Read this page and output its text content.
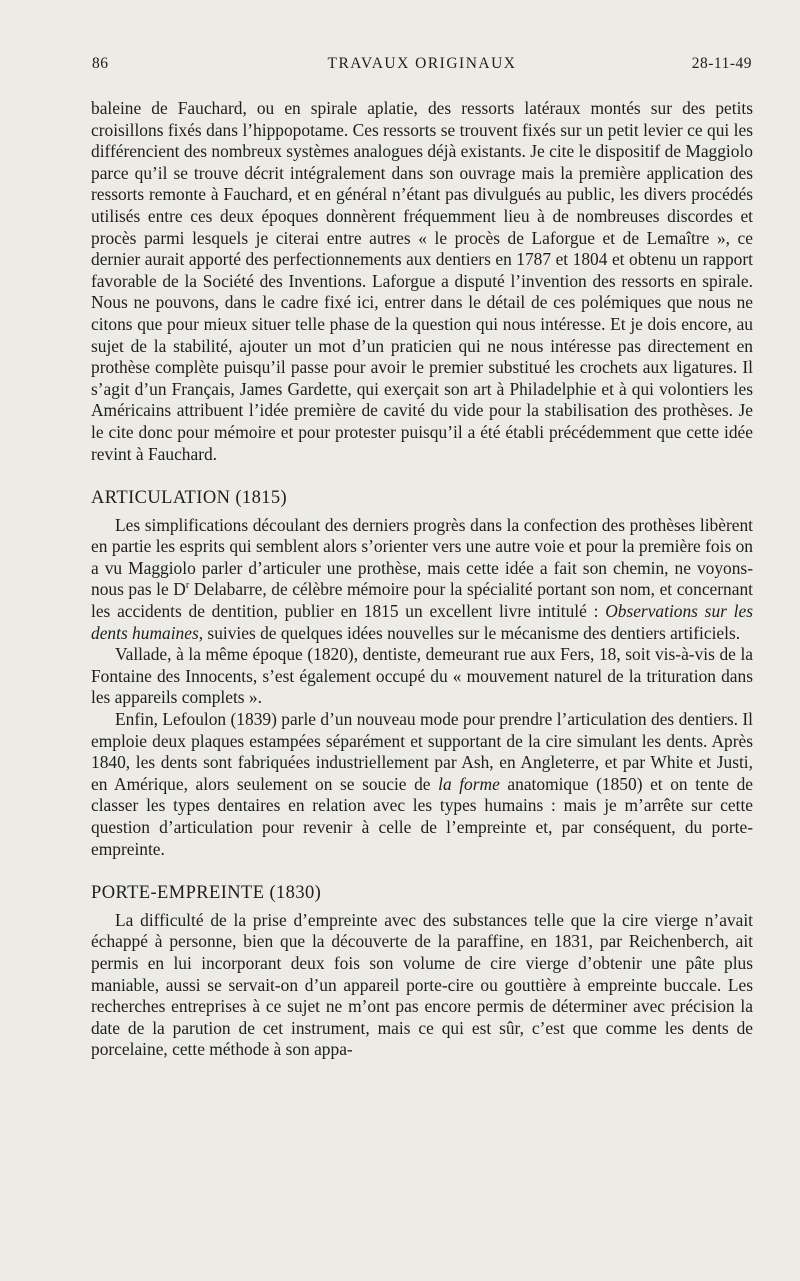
86	TRAVAUX ORIGINAUX	28-11-49

baleine de Fauchard, ou en spirale aplatie, des ressorts latéraux montés sur des petits croisillons fixés dans l’hippopotame. Ces ressorts se trouvent fixés sur un petit levier ce qui les différencient des nombreux systèmes analogues déjà existants. Je cite le dispositif de Maggiolo parce qu’il se trouve décrit intégralement dans son ouvrage mais la première application des ressorts remonte à Fauchard, et en général n’étant pas divulgués au public, les divers procédés utilisés entre ces deux époques donnèrent fréquemment lieu à de nombreuses discordes et procès parmi lesquels je citerai entre autres « le procès de Laforgue et de Lemaître », ce dernier aurait apporté des perfectionnements aux dentiers en 1787 et 1804 et obtenu un rapport favorable de la Société des Inventions. Laforgue a disputé l’invention des ressorts en spirale. Nous ne pouvons, dans le cadre fixé ici, entrer dans le détail de ces polémiques que nous ne citons que pour mieux situer telle phase de la question qui nous intéresse. Et je dois encore, au sujet de la stabilité, ajouter un mot d’un praticien qui ne nous intéresse pas directement en prothèse complète puisqu’il passe pour avoir le premier substitué les crochets aux ligatures. Il s’agit d’un Français, James Gardette, qui exerçait son art à Philadelphie et à qui volontiers les Américains attribuent l’idée première de cavité du vide pour la stabilisation des prothèses. Je le cite donc pour mémoire et pour protester puisqu’il a été établi précédemment que cette idée revint à Fauchard.

ARTICULATION (1815)

Les simplifications découlant des derniers progrès dans la confection des prothèses libèrent en partie les esprits qui semblent alors s’orienter vers une autre voie et pour la première fois on a vu Maggiolo parler d’articuler une prothèse, mais cette idée a fait son chemin, ne voyons-nous pas le $D^r$ Delabarre, de célèbre mémoire pour la spécialité portant son nom, et concernant les accidents de dentition, publier en 1815 un excellent livre intitulé : Observations sur les dents humaines, suivies de quelques idées nouvelles sur le mécanisme des dentiers artificiels.

Vallade, à la même époque (1820), dentiste, demeurant rue aux Fers, 18, soit vis-à-vis de la Fontaine des Innocents, s’est également occupé du « mouvement naturel de la trituration dans les appareils complets ».

Enfin, Lefoulon (1839) parle d’un nouveau mode pour prendre l’articulation des dentiers. Il emploie deux plaques estampées séparément et supportant de la cire simulant les dents. Après 1840, les dents sont fabriquées industriellement par Ash, en Angleterre, et par White et Justi, en Amérique, alors seulement on se soucie de la forme anatomique (1850) et on tente de classer les types dentaires en relation avec les types humains : mais je m’arrête sur cette question d’articulation pour revenir à celle de l’empreinte et, par conséquent, du porte-empreinte.

PORTE-EMPREINTE (1830)

La difficulté de la prise d’empreinte avec des substances telle que la cire vierge n’avait échappé à personne, bien que la découverte de la paraffine, en 1831, par Reichenberch, ait permis en lui incorporant deux fois son volume de cire vierge d’obtenir une pâte plus maniable, aussi se servait-on d’un appareil porte-cire ou gouttière à empreinte buccale. Les recherches entreprises à ce sujet ne m’ont pas encore permis de déterminer avec précision la date de la parution de cet instrument, mais ce qui est sûr, c’est que comme les dents de porcelaine, cette méthode à son appa-
